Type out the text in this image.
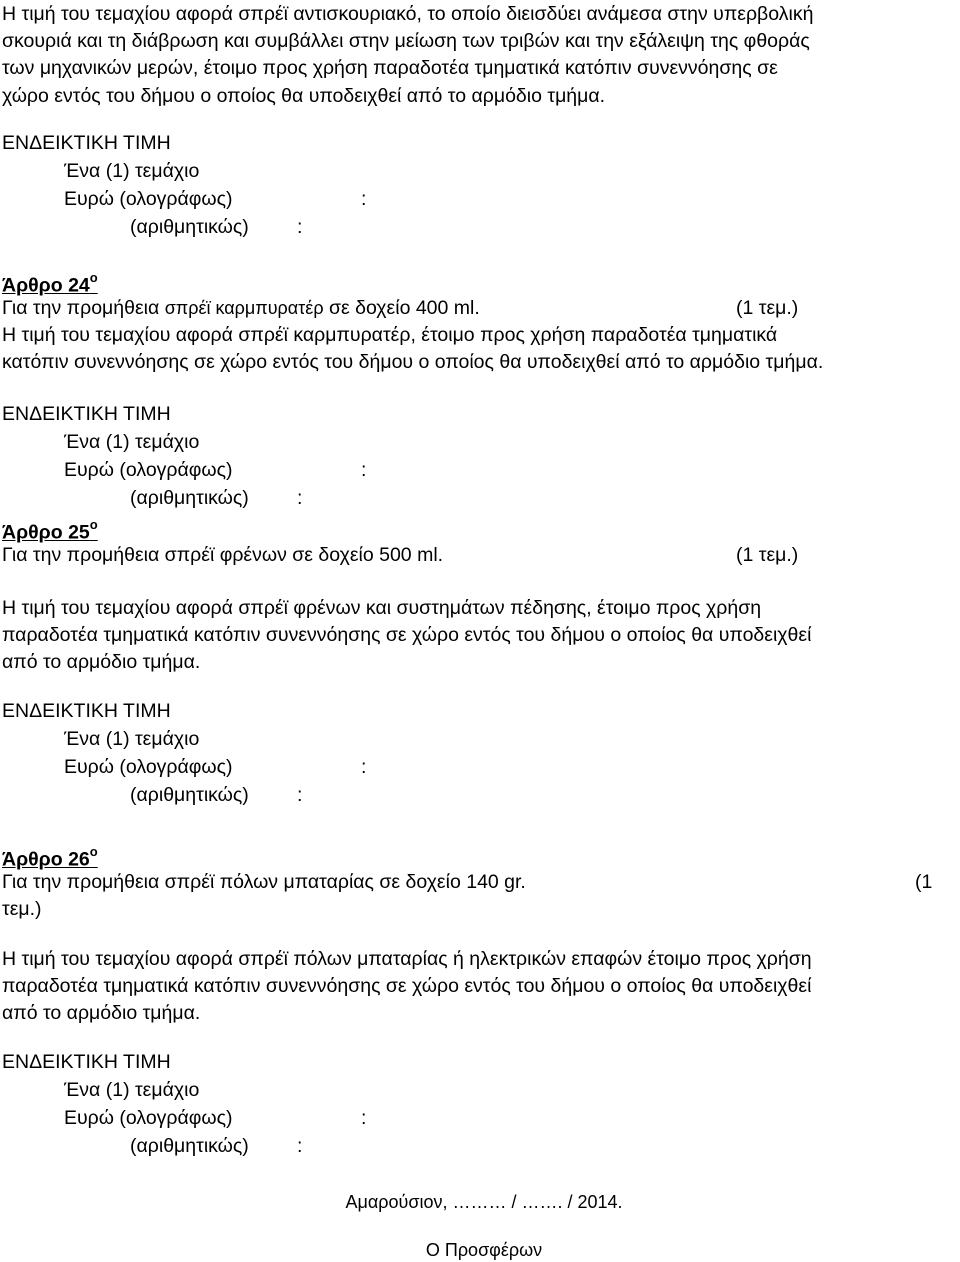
Η τιμή του τεμαχίου αφορά σπρέϊ αντισκουριακό, το οποίο διεισδύει ανάμεσα στην υπερβολική
σκουριά και τη διάβρωση και συμβάλλει στην μείωση των τριβών και την εξάλειψη της φθοράς
των μηχανικών μερών, έτοιμο προς χρήση παραδοτέα τμηματικά κατόπιν συνεννόησης σε
χώρο εντός του δήμου ο οποίος θα υποδειχθεί από το αρμόδιο τμήμα.
ΕΝΔΕΙΚΤΙΚΗ ΤΙΜΗ
Ένα (1) τεμάχιο
Ευρώ (ολογράφως)	:
(αριθμητικώς) :
Άρθρο $24^o$
Για την προμήθεια σπρέϊ καρμπυρατέρ σε δοχείο 400 ml.	(1 τεμ.)
Η τιμή του τεμαχίου αφορά σπρέϊ καρμπυρατέρ, έτοιμο προς χρήση παραδοτέα τμηματικά
κατόπιν συνεννόησης σε χώρο εντός του δήμου ο οποίος θα υποδειχθεί από το αρμόδιο τμήμα.
ΕΝΔΕΙΚΤΙΚΗ ΤΙΜΗ
Ένα (1) τεμάχιο
Ευρώ (ολογράφως)	:
(αριθμητικώς) :
Άρθρο $25^o$
Για την προμήθεια σπρέϊ φρένων σε δοχείο 500 ml.	(1 τεμ.)
Η τιμή του τεμαχίου αφορά σπρέϊ φρένων και συστημάτων πέδησης, έτοιμο προς χρήση
παραδοτέα τμηματικά κατόπιν συνεννόησης σε χώρο εντός του δήμου ο οποίος θα υποδειχθεί
από το αρμόδιο τμήμα.
ΕΝΔΕΙΚΤΙΚΗ ΤΙΜΗ
Ένα (1) τεμάχιο
Ευρώ (ολογράφως)	:
(αριθμητικώς) :
Άρθρο $26^o$
Για την προμήθεια σπρέϊ πόλων μπαταρίας σε δοχείο 140 gr.	(1
τεμ.)
Η τιμή του τεμαχίου αφορά σπρέϊ πόλων μπαταρίας ή ηλεκτρικών επαφών έτοιμο προς χρήση
παραδοτέα τμηματικά κατόπιν συνεννόησης σε χώρο εντός του δήμου ο οποίος θα υποδειχθεί
από το αρμόδιο τμήμα.
ΕΝΔΕΙΚΤΙΚΗ ΤΙΜΗ
Ένα (1) τεμάχιο
Ευρώ (ολογράφως)	:
(αριθμητικώς) :
Αμαρούσιον, ……… / ……. / 2014.
Ο Προσφέρων
